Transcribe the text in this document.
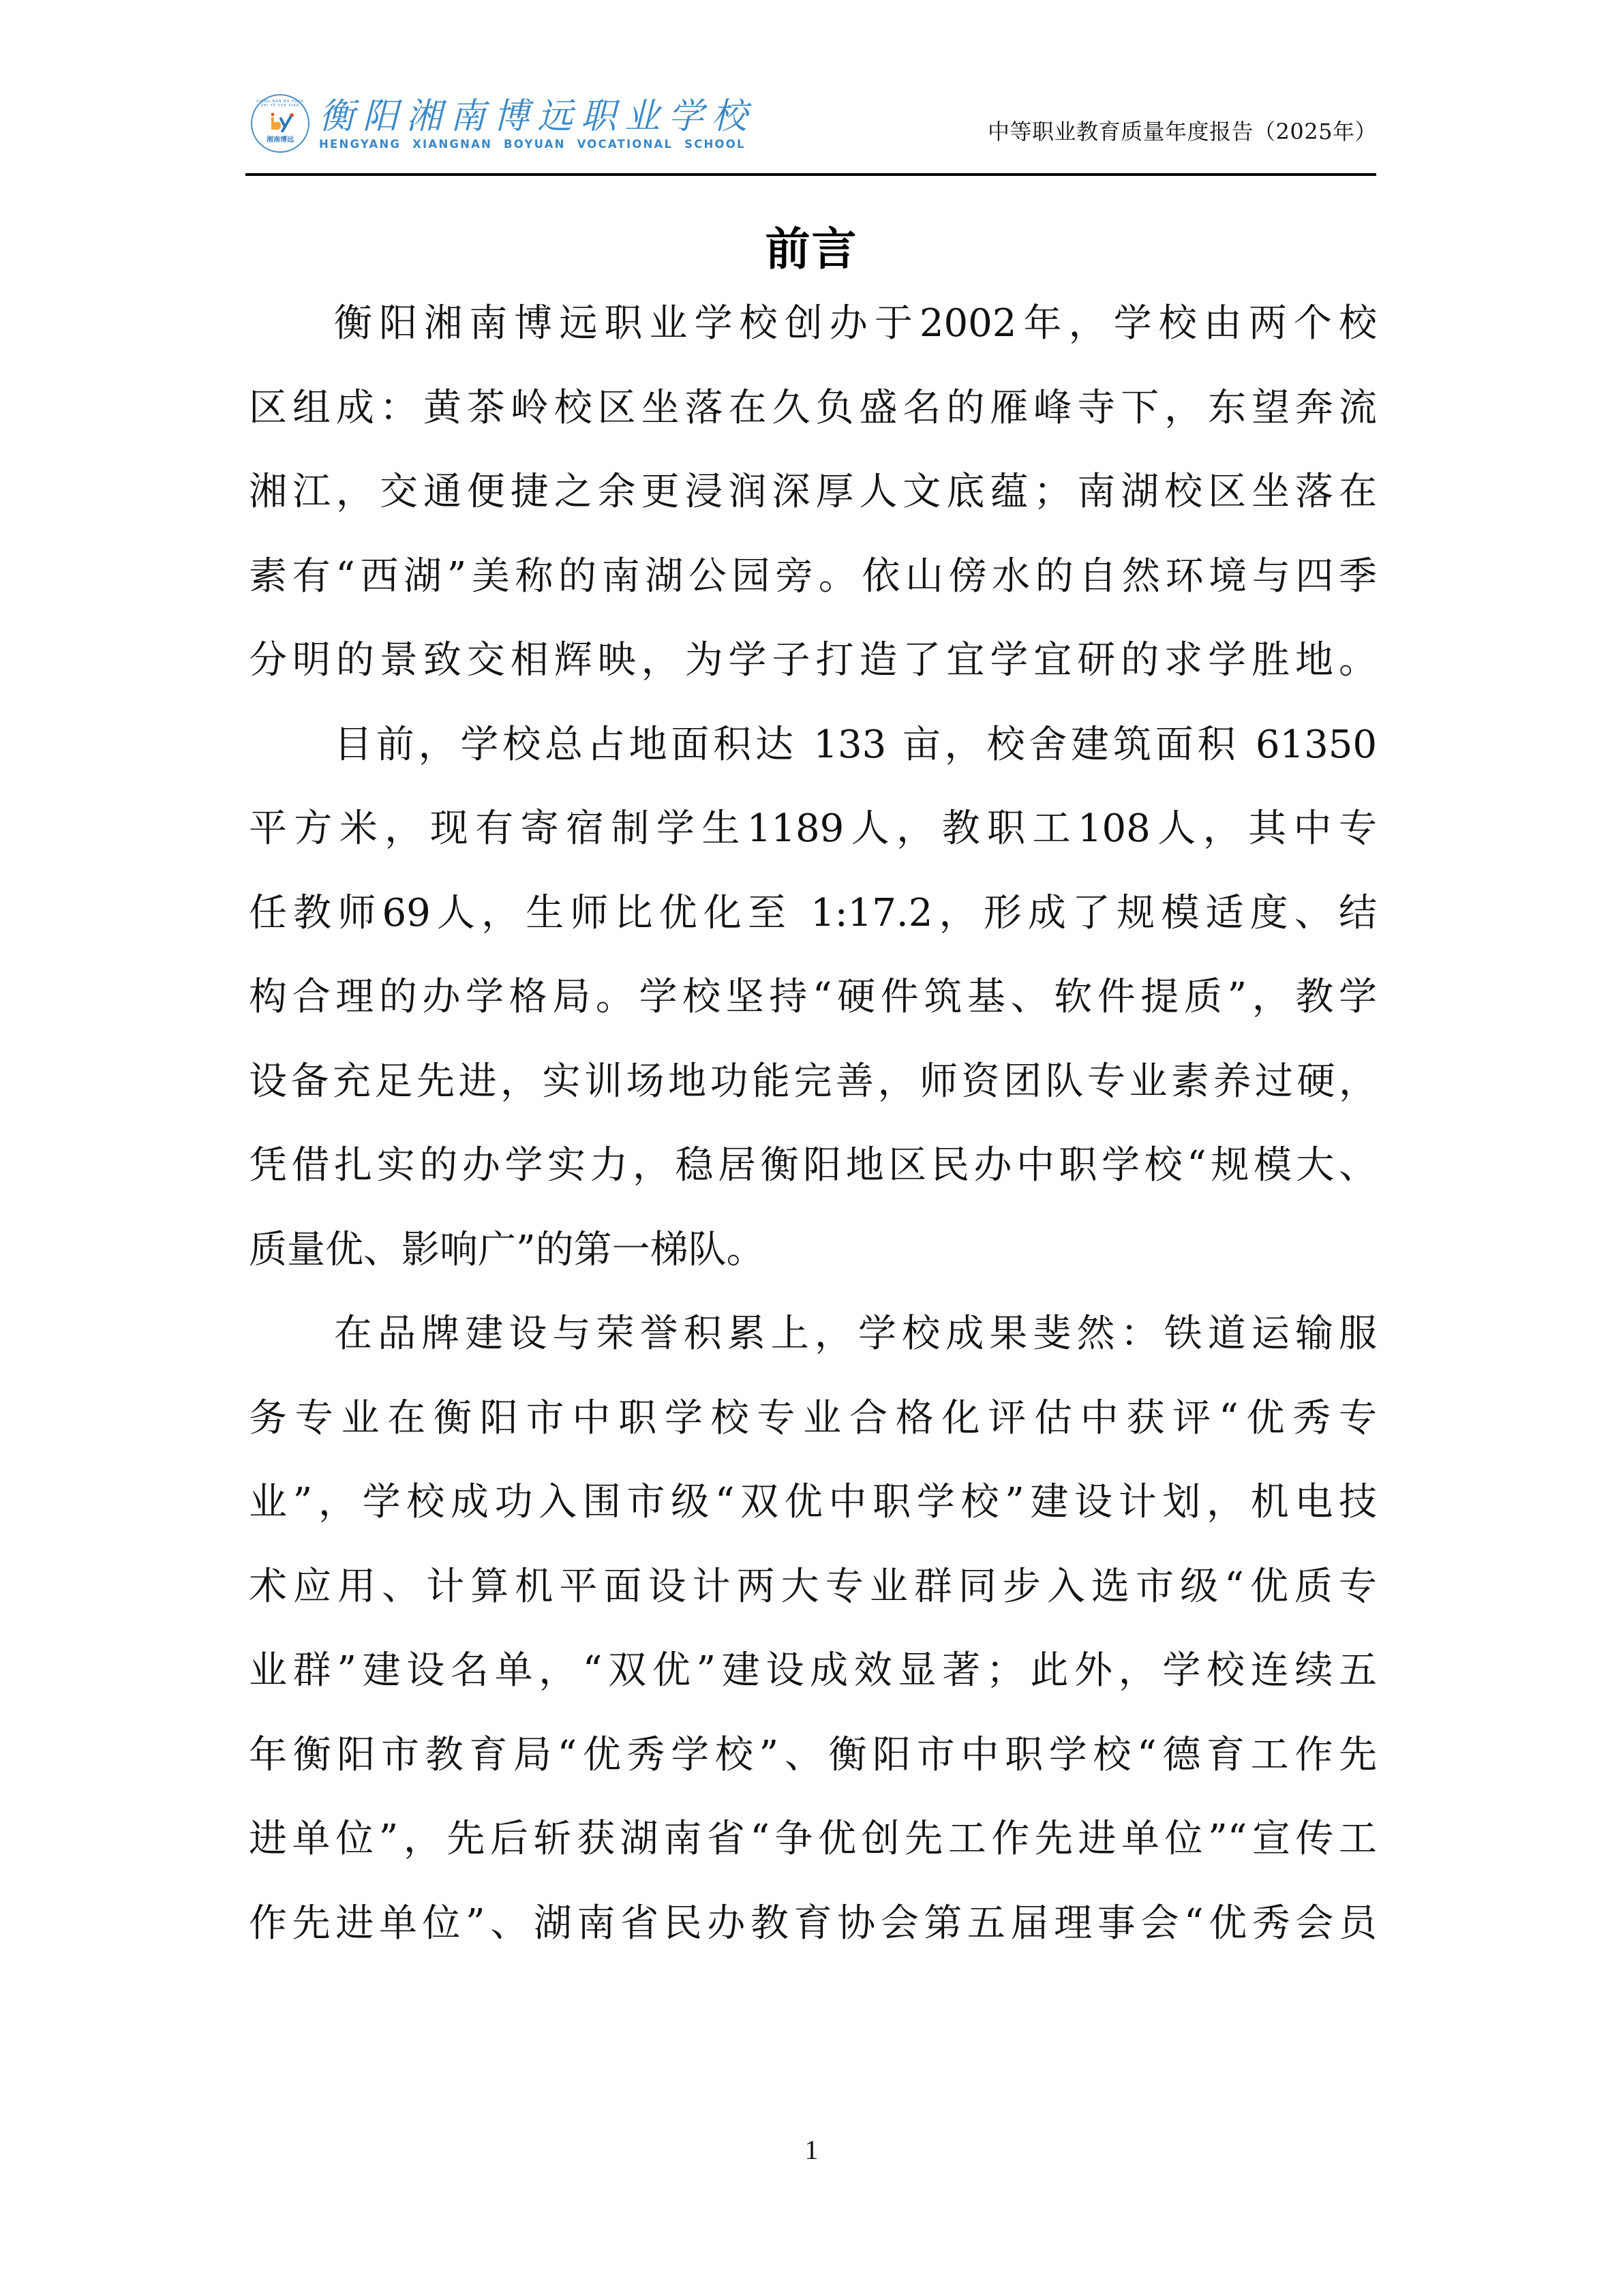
XIANG NAN BO YUAN ZHI YE XUE XIAO
湘南博远
衡阳湘南博远职业学校
HENGYANG XIANGNAN BOYUAN VOCATIONAL SCHOOL	中等职业教育质量年度报告（2025年）
前言
衡阳湘南博远职业学校创办于2002年，学校由两个校
区组成：黄茶岭校区坐落在久负盛名的雁峰寺下，东望奔流
湘江，交通便捷之余更浸润深厚人文底蕴；南湖校区坐落在
素有“西湖”美称的南湖公园旁。依山傍水的自然环境与四季
分明的景致交相辉映，为学子打造了宜学宜研的求学胜地。
目前，学校总占地面积达 133 亩，校舍建筑面积 61350
平方米，现有寄宿制学生1189人，教职工108人，其中专
任教师69人，生师比优化至 1:17.2，形成了规模适度、结
构合理的办学格局。学校坚持“硬件筑基、软件提质”，教学
设备充足先进，实训场地功能完善，师资团队专业素养过硬，
凭借扎实的办学实力，稳居衡阳地区民办中职学校“规模大、
质量优、影响广”的第一梯队。
在品牌建设与荣誉积累上，学校成果斐然：铁道运输服
务专业在衡阳市中职学校专业合格化评估中获评“优秀专
业”，学校成功入围市级“双优中职学校”建设计划，机电技
术应用、计算机平面设计两大专业群同步入选市级“优质专
业群”建设名单，“双优”建设成效显著；此外，学校连续五
年衡阳市教育局“优秀学校”、衡阳市中职学校“德育工作先
进单位”，先后斩获湖南省“争优创先工作先进单位”“宣传工
作先进单位”、湖南省民办教育协会第五届理事会“优秀会员
1
